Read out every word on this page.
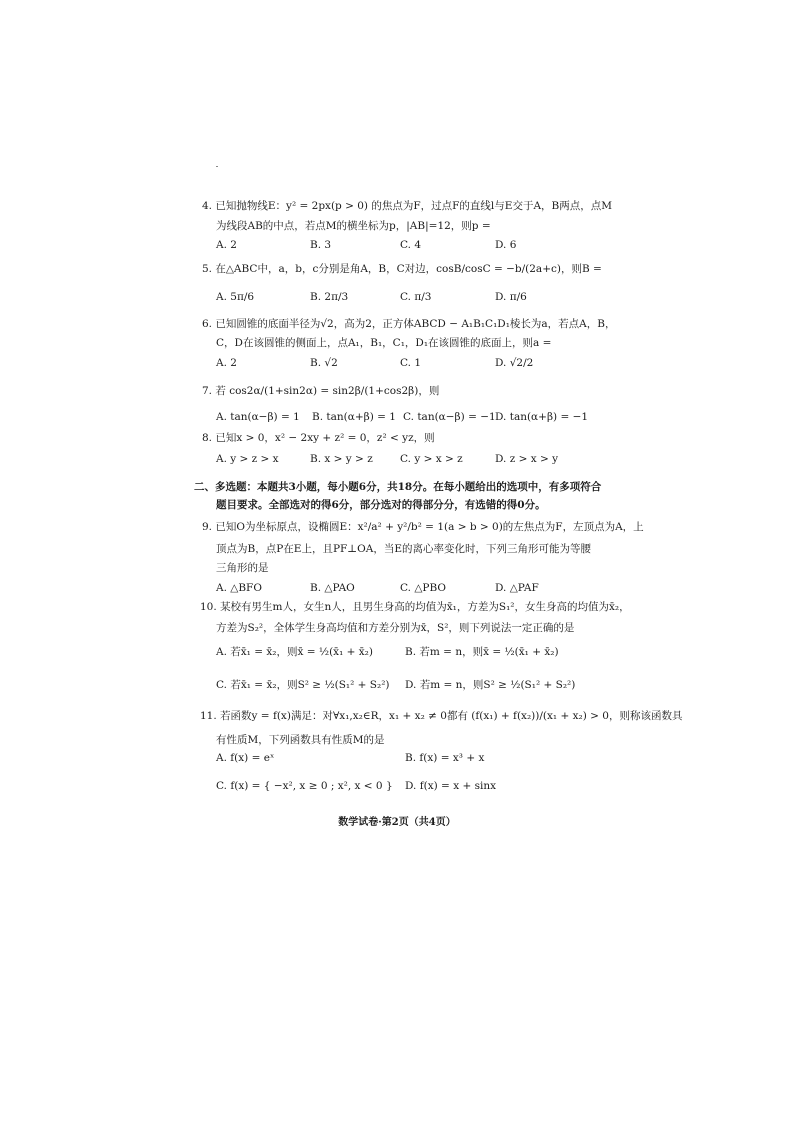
4. 已知抛物线E：y² = 2px(p > 0) 的焦点为F，过点F的直线l与E交于A，B两点，点M
为线段AB的中点，若点M的横坐标为p，|AB|=12，则p =
A. 2	B. 3	C. 4	D. 6
5. 在△ABC中，a，b，c分别是角A，B，C对边，cosB/cosC = −b/(2a+c)，则B =
A. 5π/6	B. 2π/3	C. π/3	D. π/6
6. 已知圆锥的底面半径为√2，高为2，正方体ABCD − A₁B₁C₁D₁棱长为a，若点A，B，
C，D在该圆锥的侧面上，点A₁，B₁，C₁，D₁在该圆锥的底面上，则a =
A. 2	B. √2	C. 1	D. √2/2
7. 若 cos2α/(1+sin2α) = sin2β/(1+cos2β)，则
A. tan(α−β) = 1 B. tan(α+β) = 1 C. tan(α−β) = −1 D. tan(α+β) = −1
8. 已知x > 0，x² − 2xy + z² = 0，z² < yz，则
A. y > z > x	B. x > y > z	C. y > x > z	D. z > x > y
二、多选题：本题共3小题，每小题6分，共18分。在每小题给出的选项中，有多项符合
题目要求。全部选对的得6分，部分选对的得部分分，有选错的得0分。
9. 已知O为坐标原点，设椭圆E：x²/a² + y²/b² = 1(a > b > 0)的左焦点为F，左顶点为A，上
顶点为B，点P在E上，且PF⊥OA，当E的离心率变化时，下列三角形可能为等腰
三角形的是
A. △BFO	B. △PAO	C. △PBO	D. △PAF
10. 某校有男生m人，女生n人，且男生身高的均值为x̄₁，方差为S₁²，女生身高的均值为x̄₂，
方差为S₂²，全体学生身高均值和方差分别为x̄，S²，则下列说法一定正确的是
A. 若x̄₁ = x̄₂，则x̄ = ½(x̄₁ + x̄₂)	B. 若m = n，则x̄ = ½(x̄₁ + x̄₂)
C. 若x̄₁ = x̄₂，则S² ≥ ½(S₁² + S₂²) D. 若m = n，则S² ≥ ½(S₁² + S₂²)
11. 若函数y = f(x)满足：对∀x₁,x₂∈R，x₁ + x₂ ≠ 0都有 (f(x₁) + f(x₂))/(x₁ + x₂) > 0，则称该函数具
有性质M，下列函数具有性质M的是
A. f(x) = eˣ	B. f(x) = x³ + x
C. f(x) = { −x², x ≥ 0 ; x², x < 0 } D. f(x) = x + sinx
数学试卷·第2页（共4页）
